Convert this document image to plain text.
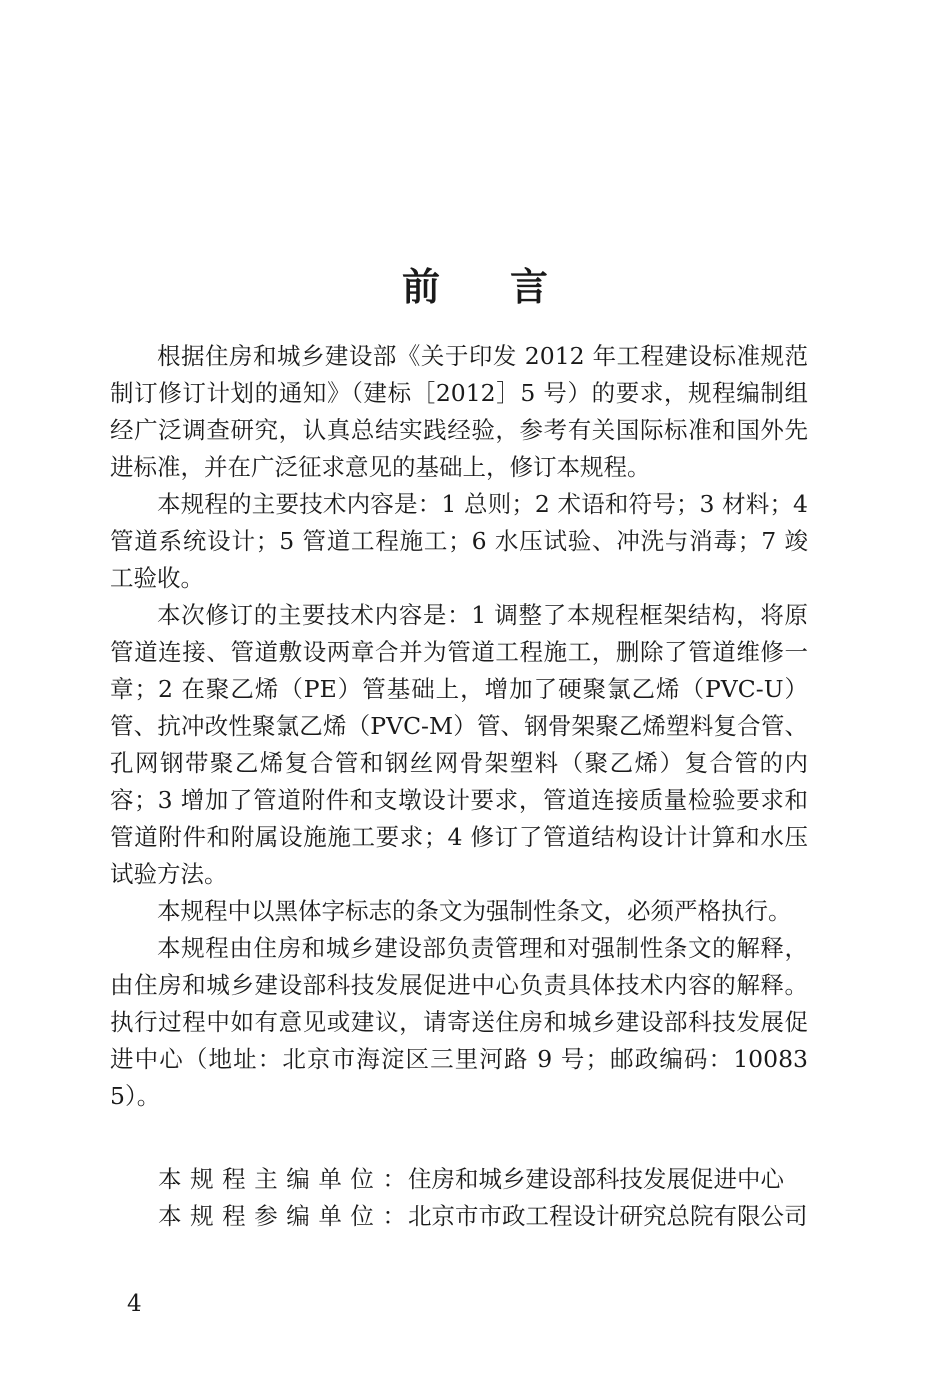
前言

根据住房和城乡建设部《关于印发 2012 年工程建设标准规范制订修订计划的通知》（建标［2012］5 号）的要求，规程编制组经广泛调查研究，认真总结实践经验，参考有关国际标准和国外先进标准，并在广泛征求意见的基础上，修订本规程。

本规程的主要技术内容是：1 总则；2 术语和符号；3 材料；4 管道系统设计；5 管道工程施工；6 水压试验、冲洗与消毒；7 竣工验收。

本次修订的主要技术内容是：1 调整了本规程框架结构，将原管道连接、管道敷设两章合并为管道工程施工，删除了管道维修一章；2 在聚乙烯（PE）管基础上，增加了硬聚氯乙烯（PVC-U）管、抗冲改性聚氯乙烯（PVC-M）管、钢骨架聚乙烯塑料复合管、孔网钢带聚乙烯复合管和钢丝网骨架塑料（聚乙烯）复合管的内容；3 增加了管道附件和支墩设计要求，管道连接质量检验要求和管道附件和附属设施施工要求；4 修订了管道结构设计计算和水压试验方法。

本规程中以黑体字标志的条文为强制性条文，必须严格执行。

本规程由住房和城乡建设部负责管理和对强制性条文的解释，由住房和城乡建设部科技发展促进中心负责具体技术内容的解释。执行过程中如有意见或建议，请寄送住房和城乡建设部科技发展促进中心（地址：北京市海淀区三里河路 9 号；邮政编码：100835）。

本规程主编单位： 住房和城乡建设部科技发展促进中心
本规程参编单位： 北京市市政工程设计研究总院有限公司
4
